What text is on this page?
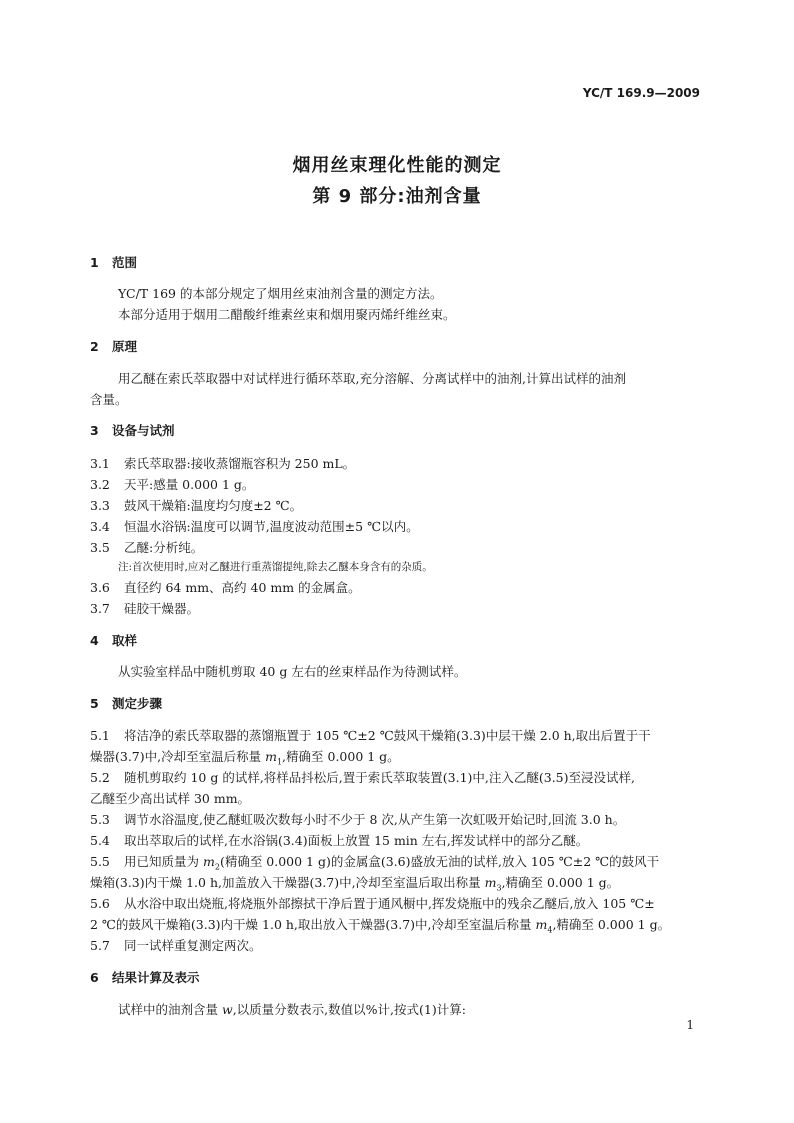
YC/T 169.9—2009
烟用丝束理化性能的测定
第 9 部分:油剂含量
1 范围
YC/T 169 的本部分规定了烟用丝束油剂含量的测定方法。
本部分适用于烟用二醋酸纤维素丝束和烟用聚丙烯纤维丝束。
2 原理
用乙醚在索氏萃取器中对试样进行循环萃取,充分溶解、分离试样中的油剂,计算出试样的油剂
含量。
3 设备与试剂
3.1 索氏萃取器:接收蒸馏瓶容积为 250 mL。
3.2 天平:感量 0.000 1 g。
3.3 鼓风干燥箱:温度均匀度±2 ℃。
3.4 恒温水浴锅:温度可以调节,温度波动范围±5 ℃以内。
3.5 乙醚:分析纯。
注:首次使用时,应对乙醚进行重蒸馏提纯,除去乙醚本身含有的杂质。
3.6 直径约 64 mm、高约 40 mm 的金属盒。
3.7 硅胶干燥器。
4 取样
从实验室样品中随机剪取 40 g 左右的丝束样品作为待测试样。
5 测定步骤
5.1 将洁净的索氏萃取器的蒸馏瓶置于 105 ℃±2 ℃鼓风干燥箱(3.3)中层干燥 2.0 h,取出后置于干
燥器(3.7)中,冷却至室温后称量 $m_1$,精确至 0.000 1 g。
5.2 随机剪取约 10 g 的试样,将样品抖松后,置于索氏萃取装置(3.1)中,注入乙醚(3.5)至浸没试样,
乙醚至少高出试样 30 mm。
5.3 调节水浴温度,使乙醚虹吸次数每小时不少于 8 次,从产生第一次虹吸开始记时,回流 3.0 h。
5.4 取出萃取后的试样,在水浴锅(3.4)面板上放置 15 min 左右,挥发试样中的部分乙醚。
5.5 用已知质量为 $m_2$(精确至 0.000 1 g)的金属盒(3.6)盛放无油的试样,放入 105 ℃±2 ℃的鼓风干
燥箱(3.3)内干燥 1.0 h,加盖放入干燥器(3.7)中,冷却至室温后取出称量 $m_3$,精确至 0.000 1 g。
5.6 从水浴中取出烧瓶,将烧瓶外部擦拭干净后置于通风橱中,挥发烧瓶中的残余乙醚后,放入 105 ℃±
2 ℃的鼓风干燥箱(3.3)内干燥 1.0 h,取出放入干燥器(3.7)中,冷却至室温后称量 $m_4$,精确至 0.000 1 g。
5.7 同一试样重复测定两次。
6 结果计算及表示
试样中的油剂含量 w,以质量分数表示,数值以%计,按式(1)计算:
1
